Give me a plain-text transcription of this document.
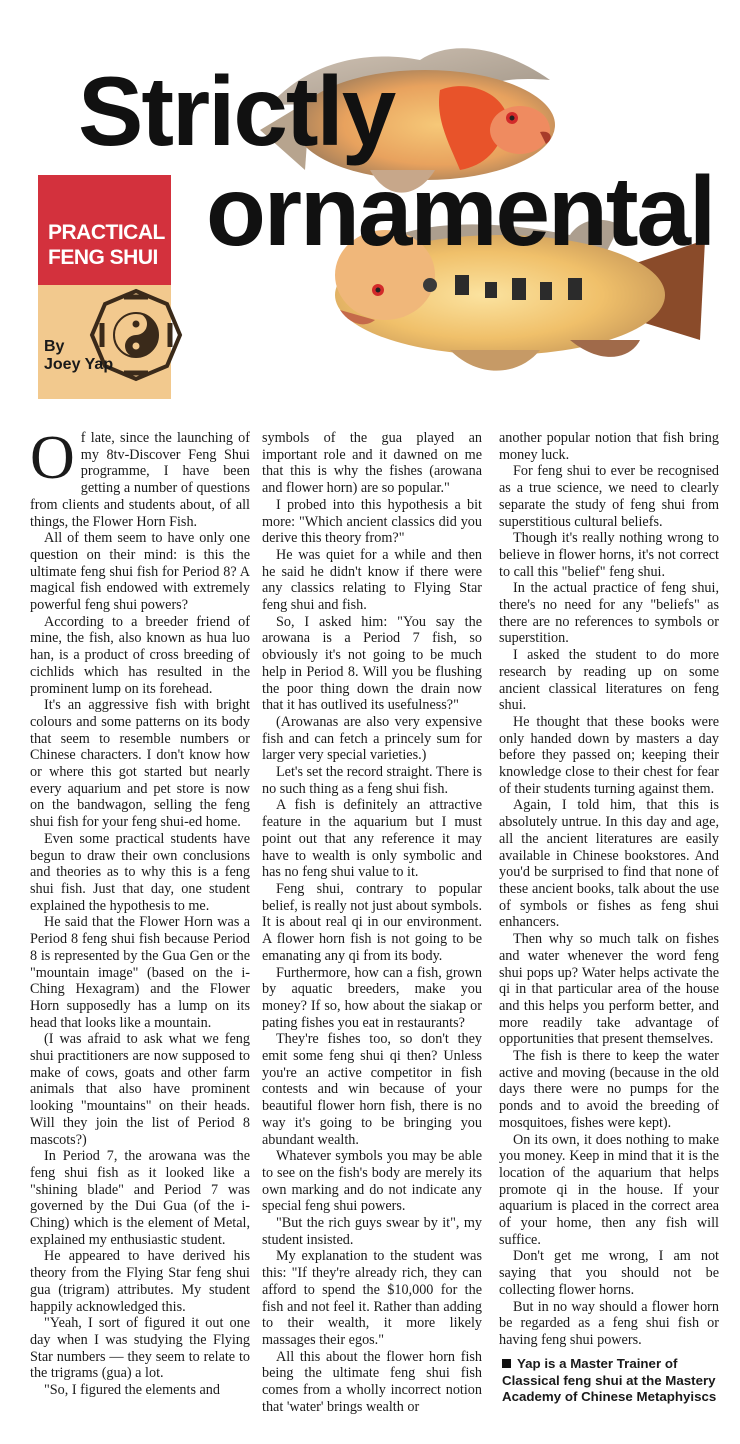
Strictly
ornamental
PRACTICAL
FENG SHUI
By
Joey Yap

Of late, since the launching of my 8tv-Discover Feng Shui programme, I have been getting a number of questions from clients and students about, of all things, the Flower Horn Fish.

All of them seem to have only one question on their mind: is this the ultimate feng shui fish for Period 8? A magical fish endowed with extremely powerful feng shui powers?

According to a breeder friend of mine, the fish, also known as hua luo han, is a product of cross breeding of cichlids which has resulted in the prominent lump on its forehead.

It's an aggressive fish with bright colours and some patterns on its body that seem to resemble numbers or Chinese characters. I don't know how or where this got started but nearly every aquarium and pet store is now on the bandwagon, selling the feng shui fish for your feng shui-ed home.

Even some practical students have begun to draw their own conclusions and theories as to why this is a feng shui fish. Just that day, one student explained the hypothesis to me.

He said that the Flower Horn was a Period 8 feng shui fish because Period 8 is represented by the Gua Gen or the "mountain image" (based on the i-Ching Hexagram) and the Flower Horn supposedly has a lump on its head that looks like a mountain.

(I was afraid to ask what we feng shui practitioners are now supposed to make of cows, goats and other farm animals that also have prominent looking "mountains" on their heads. Will they join the list of Period 8 mascots?)

In Period 7, the arowana was the feng shui fish as it looked like a "shining blade" and Period 7 was governed by the Dui Gua (of the i-Ching) which is the element of Metal, explained my enthusiastic student.

He appeared to have derived his theory from the Flying Star feng shui gua (trigram) attributes. My student happily acknowledged this.

"Yeah, I sort of figured it out one day when I was studying the Flying Star numbers — they seem to relate to the trigrams (gua) a lot.

"So, I figured the elements and

symbols of the gua played an important role and it dawned on me that this is why the fishes (arowana and flower horn) are so popular."

I probed into this hypothesis a bit more: "Which ancient classics did you derive this theory from?"

He was quiet for a while and then he said he didn't know if there were any classics relating to Flying Star feng shui and fish.

So, I asked him: "You say the arowana is a Period 7 fish, so obviously it's not going to be much help in Period 8. Will you be flushing the poor thing down the drain now that it has outlived its usefulness?"

(Arowanas are also very expensive fish and can fetch a princely sum for larger very special varieties.)

Let's set the record straight. There is no such thing as a feng shui fish.

A fish is definitely an attractive feature in the aquarium but I must point out that any reference it may have to wealth is only symbolic and has no feng shui value to it.

Feng shui, contrary to popular belief, is really not just about symbols. It is about real qi in our environment. A flower horn fish is not going to be emanating any qi from its body.

Furthermore, how can a fish, grown by aquatic breeders, make you money? If so, how about the siakap or pating fishes you eat in restaurants?

They're fishes too, so don't they emit some feng shui qi then? Unless you're an active competitor in fish contests and win because of your beautiful flower horn fish, there is no way it's going to be bringing you abundant wealth.

Whatever symbols you may be able to see on the fish's body are merely its own marking and do not indicate any special feng shui powers.

"But the rich guys swear by it", my student insisted.

My explanation to the student was this: "If they're already rich, they can afford to spend the $10,000 for the fish and not feel it. Rather than adding to their wealth, it more likely massages their egos."

All this about the flower horn fish being the ultimate feng shui fish comes from a wholly incorrect notion that 'water' brings wealth or

another popular notion that fish bring money luck.

For feng shui to ever be recognised as a true science, we need to clearly separate the study of feng shui from superstitious cultural beliefs.

Though it's really nothing wrong to believe in flower horns, it's not correct to call this "belief" feng shui.

In the actual practice of feng shui, there's no need for any "beliefs" as there are no references to symbols or superstition.

I asked the student to do more research by reading up on some ancient classical literatures on feng shui.

He thought that these books were only handed down by masters a day before they passed on; keeping their knowledge close to their chest for fear of their students turning against them.

Again, I told him, that this is absolutely untrue. In this day and age, all the ancient literatures are easily available in Chinese bookstores. And you'd be surprised to find that none of these ancient books, talk about the use of symbols or fishes as feng shui enhancers.

Then why so much talk on fishes and water whenever the word feng shui pops up? Water helps activate the qi in that particular area of the house and this helps you perform better, and more readily take advantage of opportunities that present themselves.

The fish is there to keep the water active and moving (because in the old days there were no pumps for the ponds and to avoid the breeding of mosquitoes, fishes were kept).

On its own, it does nothing to make you money. Keep in mind that it is the location of the aquarium that helps promote qi in the house. If your aquarium is placed in the correct area of your home, then any fish will suffice.

Don't get me wrong, I am not saying that you should not be collecting flower horns.

But in no way should a flower horn be regarded as a feng shui fish or having feng shui powers.

Yap is a Master Trainer of Classical feng shui at the Mastery Academy of Chinese Metaphyiscs
